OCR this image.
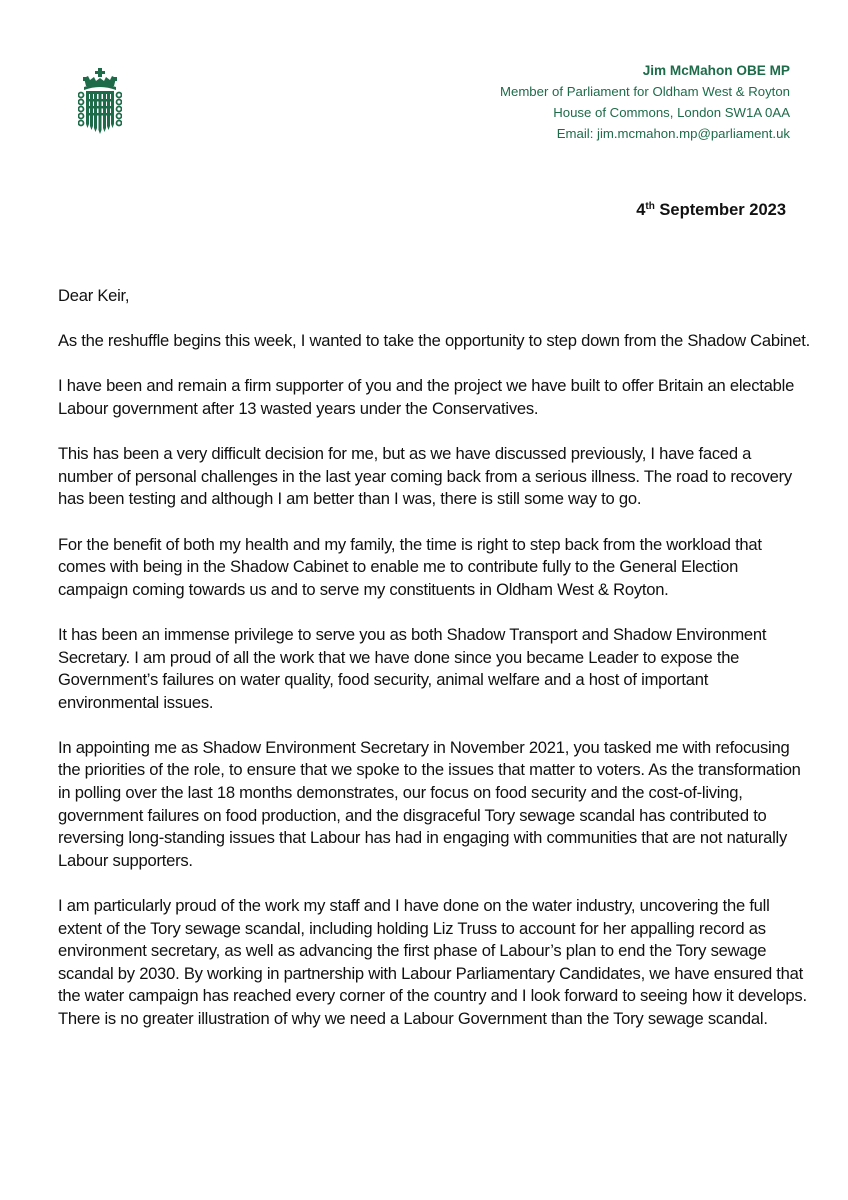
Jim McMahon OBE MP
Member of Parliament for Oldham West & Royton
House of Commons, London SW1A 0AA
Email: jim.mcmahon.mp@parliament.uk
4th September 2023

Dear Keir,

As the reshuffle begins this week, I wanted to take the opportunity to step down from the Shadow Cabinet.

I have been and remain a firm supporter of you and the project we have built to offer Britain an electable Labour government after 13 wasted years under the Conservatives.

This has been a very difficult decision for me, but as we have discussed previously, I have faced a number of personal challenges in the last year coming back from a serious illness. The road to recovery has been testing and although I am better than I was, there is still some way to go.

For the benefit of both my health and my family, the time is right to step back from the workload that comes with being in the Shadow Cabinet to enable me to contribute fully to the General Election campaign coming towards us and to serve my constituents in Oldham West & Royton.

It has been an immense privilege to serve you as both Shadow Transport and Shadow Environment Secretary. I am proud of all the work that we have done since you became Leader to expose the Government’s failures on water quality, food security, animal welfare and a host of important environmental issues.

In appointing me as Shadow Environment Secretary in November 2021, you tasked me with refocusing the priorities of the role, to ensure that we spoke to the issues that matter to voters. As the transformation in polling over the last 18 months demonstrates, our focus on food security and the cost-of-living, government failures on food production, and the disgraceful Tory sewage scandal has contributed to reversing long-standing issues that Labour has had in engaging with communities that are not naturally Labour supporters.

I am particularly proud of the work my staff and I have done on the water industry, uncovering the full extent of the Tory sewage scandal, including holding Liz Truss to account for her appalling record as environment secretary, as well as advancing the first phase of Labour’s plan to end the Tory sewage scandal by 2030. By working in partnership with Labour Parliamentary Candidates, we have ensured that the water campaign has reached every corner of the country and I look forward to seeing how it develops. There is no greater illustration of why we need a Labour Government than the Tory sewage scandal.
